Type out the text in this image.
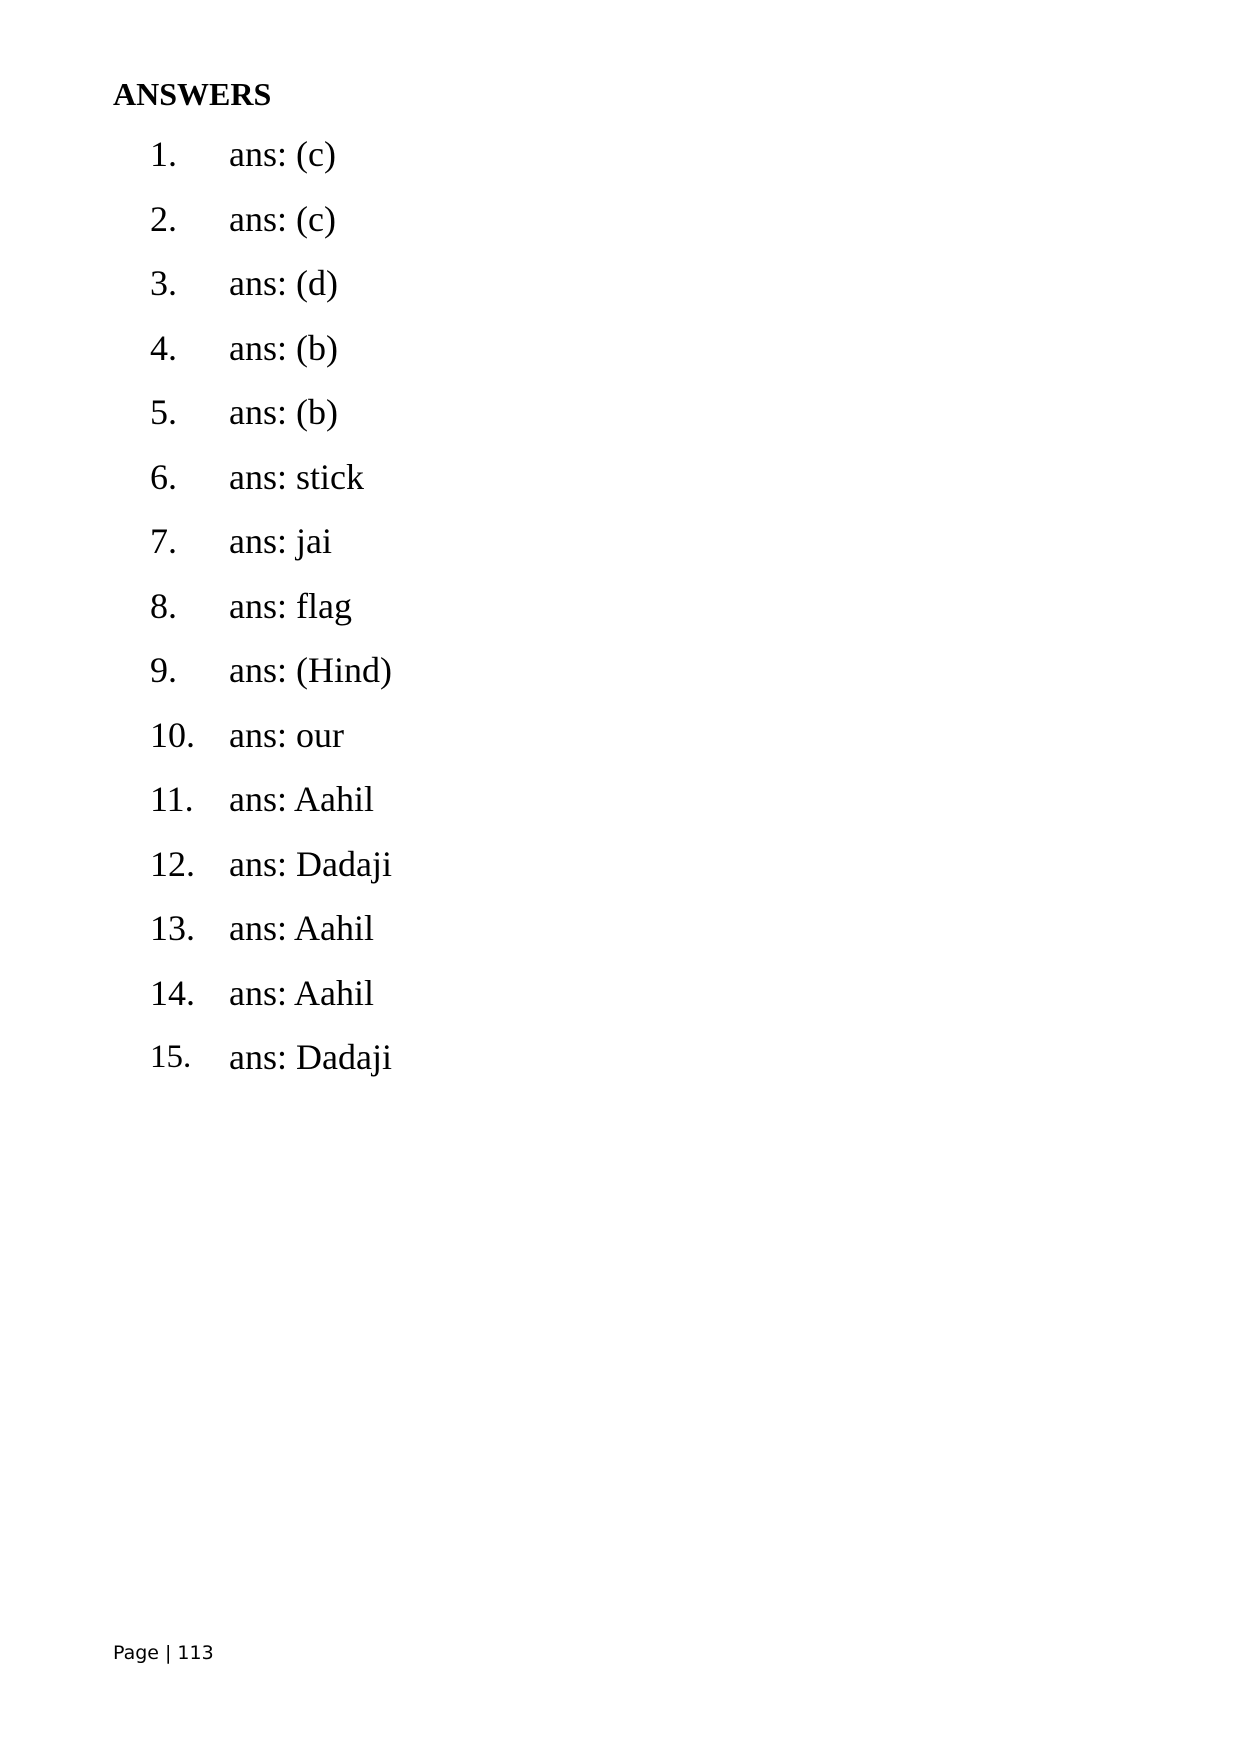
ANSWERS
1. ans: (c)
2. ans: (c)
3. ans: (d)
4. ans: (b)
5. ans: (b)
6. ans: stick
7. ans: jai
8. ans: flag
9. ans: (Hind)
10. ans: our
11. ans: Aahil
12. ans: Dadaji
13. ans: Aahil
14. ans: Aahil
15. ans: Dadaji
Page | 113
